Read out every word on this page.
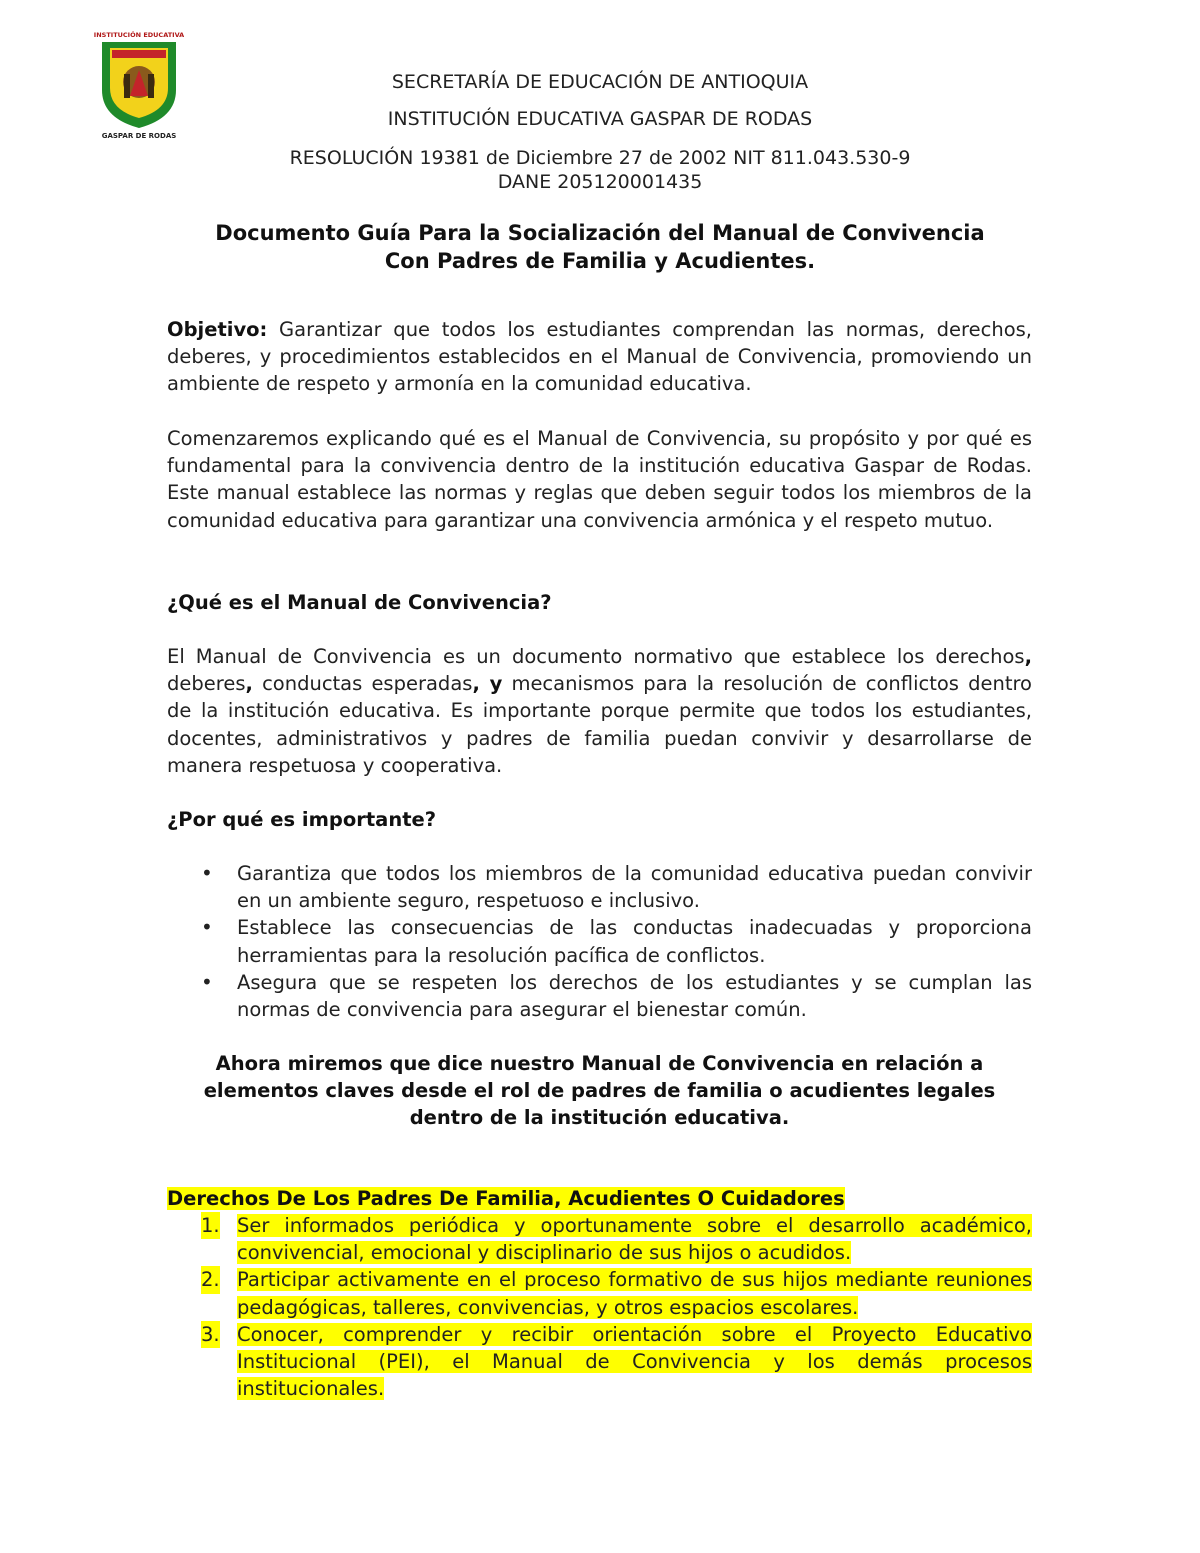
INSTITUCIÓN EDUCATIVA
GASPAR DE RODAS
SECRETARÍA DE EDUCACIÓN DE ANTIOQUIA
INSTITUCIÓN EDUCATIVA GASPAR DE RODAS
RESOLUCIÓN 19381 de Diciembre 27 de 2002 NIT 811.043.530-9
DANE 205120001435
Documento Guía Para la Socialización del Manual de Convivencia
Con Padres de Familia y Acudientes.
Objetivo: Garantizar que todos los estudiantes comprendan las normas, derechos, deberes, y procedimientos establecidos en el Manual de Convivencia, promoviendo un ambiente de respeto y armonía en la comunidad educativa.
Comenzaremos explicando qué es el Manual de Convivencia, su propósito y por qué es fundamental para la convivencia dentro de la institución educativa Gaspar de Rodas. Este manual establece las normas y reglas que deben seguir todos los miembros de la comunidad educativa para garantizar una convivencia armónica y el respeto mutuo.
¿Qué es el Manual de Convivencia?
El Manual de Convivencia es un documento normativo que establece los derechos, deberes, conductas esperadas, y mecanismos para la resolución de conflictos dentro de la institución educativa. Es importante porque permite que todos los estudiantes, docentes, administrativos y padres de familia puedan convivir y desarrollarse de manera respetuosa y cooperativa.
¿Por qué es importante?
• Garantiza que todos los miembros de la comunidad educativa puedan convivir en un ambiente seguro, respetuoso e inclusivo.
• Establece las consecuencias de las conductas inadecuadas y proporciona herramientas para la resolución pacífica de conflictos.
• Asegura que se respeten los derechos de los estudiantes y se cumplan las normas de convivencia para asegurar el bienestar común.
Ahora miremos que dice nuestro Manual de Convivencia en relación a elementos claves desde el rol de padres de familia o acudientes legales dentro de la institución educativa.
Derechos De Los Padres De Familia, Acudientes O Cuidadores
1. Ser informados periódica y oportunamente sobre el desarrollo académico, convivencial, emocional y disciplinario de sus hijos o acudidos.
2. Participar activamente en el proceso formativo de sus hijos mediante reuniones pedagógicas, talleres, convivencias, y otros espacios escolares.
3. Conocer, comprender y recibir orientación sobre el Proyecto Educativo Institucional (PEI), el Manual de Convivencia y los demás procesos institucionales.
